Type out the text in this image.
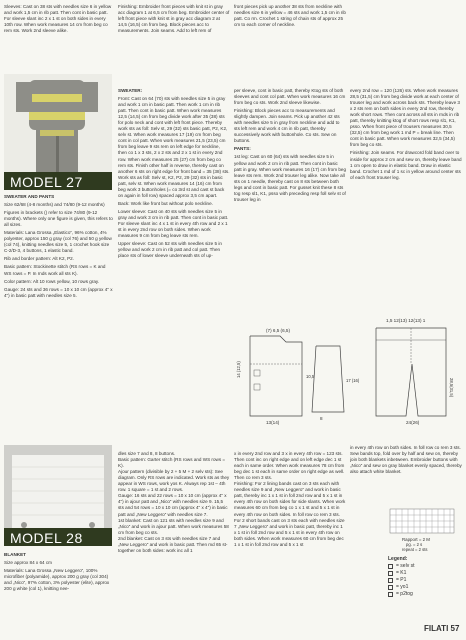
Sleeves: Cast on 38 sts with needles size 6 in yellow and work 1,5 cm in rib patt. Then cont in basic patt. For sleeve slant inc 2 x 1 st on both sides in every 10th row. When work measures 14 cm from beg co rem sts. Work 2nd sleeve alike.

Finishing: Embroider front pieces with knit st in gray acc diagram 1 at 6,5 cm from beg. Embroider center of left front piece with knit st in gray acc diagram 2 at 14,5 (16,5) cm from beg. Block pieces acc to measurements. Join seams. Add to left rem of

front pieces pick up another 38 sts from neckline with needles size 6 in yellow = 46 sts and work 1,5 cm in rib patt. Co rm. Crochet 1 string of chain sts of approx 25 cm to each corner of neckline.

MODEL 27

SWEATER AND PANTS

Size 62/68 (4-8 months) and 74/80 (9-12 months)

Figures in brackets () refer to size 74/80 (9-12 months). Where only one figure is given, this refers to all sizes.

Materials: Lana Grossa „Elastico“, 96% cotton, 4% polyester, approx 150 g gray (col 76) and 50 g yellow (col 74), knitting needles size 5, 1 crochet hook size C-2/D-3, 4 buttons, 1 elastic band.

Rib and border pattern: Alt K2, P2.

Basic pattern: Stockinette stitch (RS rows = K and WS rows = P. In rnds work all sts K).

Color pattern: Alt 10 rows yellow, 10 rows gray.

Gauge: 24 sts and 36 rows = 10 x 10 cm (approx 4" x 4") in basic patt with needles size 5.

SWEATER:

Front: Cast on 64 (70) sts with needles size 5 in gray and work 1 cm in basic patt. Then work 1 cm in rib patt. Then cont in basic patt. When work measures 12,5 (14,5) cm from beg divide work after 35 (38) sts for polo neck and cont with left front piece. Thereby work sts as foll: Selv st, 29 (32) sts basic patt, P2, K2, selv st. When work measures 17 (19) cm from beg cont in col patt. When work measures 21,5 (23,5) cm from beg leave 9 sts rem on left edge for neckline, then co 1 x 3 sts, 2 x 2 sts and 2 x 1 st in every 2nd row. When work measures 25 (27) cm from beg co rem sts. Finish other half in reverse, thereby cast on another 6 sts on right edge for front band = 35 (38) sts. Work sts as foll: Selv st, K2, P2, 29 (32) sts in basic patt, selv st. When work measures 14 (16) cm from beg work 3 buttonholes (= co 3rd st and cast st back on again in foll row) spaced approx 3,5 cm apart.

Back: Work like front but without polo neckline.

Lower sleeve: Cast on 40 sts with needles size 5 in gray and work 3 cm in rib patt. Then cont in basic patt. For sleeve slant inc 4 x 1 st in every 4th row and 2 x 1 st in every 2nd row on both sides. When work measures 9 cm from beg leave sts rem.

Upper sleeve: Cast on 52 sts with needles size 5 in yellow and work 2 cm in rib patt and col patt. Then place sts of lower sleeve underneath sts of up-

per sleeve, cont in basic patt, thereby Ktog sts of both sleeves and cont col patt. When work measures 16 cm from beg co sts. Work 2nd sleeve likewise.

Finishing: Block pieces acc to measurements and slightly dampen. Join seams. Pick up another 42 sts with needles size 5 in gray from neckline and add to sts left rem and work 4 cm in rib patt, thereby successively work with buttonhole. Co sts. Sew on buttons.

PANTS:

1st leg: Cast on 60 (64) sts with needles size 5 in yellow and work 2 cm in rib patt. Then cont in basic patt in gray. When work measures 16 (17) cm from beg leave sts rem. Work 2nd trouser leg alike. Now take all sts on 1 needle, thereby cast on 8 sts between both legs and cont in basic patt. For gusset knit these 8 sts tog resp sl1, K1, psso with preceding resp foll selv st of trouser leg in

every 2nd row = 120 (126) sts. When work measures 28,5 (31,5) cm from beg divide work at each center of trouser leg and work across back sts. Thereby leave 3 x 2 sts rem on both sides in every 2nd row, thereby work short rows. Then cont across all sts in rnds in rib patt, thereby knitting ktog of short rows resp sl1, K1, psso. When front piece of trousers measures 30,5 (32,5) cm from beg work 1 md P = break line. Then cont in basic patt. When work measures 32,5 (34,5) from beg co sts.

Finishing: Join seams. For drawcord fold band over to inside for approx 2 cm and sew on, thereby leave band 1 cm open to draw in elastic band. Draw in elastic band. Crochet 1 md of 1 sc in yellow around center sts of each front trouser leg.

(7) 6,5 (6,5)
13(14)
14 (12,5)	10,5
8
17 (16)
1,5 12(13) 12(13) 1
24(26)
28,5(31,5)
MODEL 28

BLANKET

Size approx 84 x 64 cm

Materials: Lana Grossa „New Leggero“, 100% microfiber (polyamide), approx 200 g gray (col 304) and „Nico“, 97% cotton, 3% polyester (elite), approx 200 g white (col 1), knitting nee-

dles size 7 and 8, 8 buttons.
Basic pattern: Garter stitch (RS rows and WS rows = K).
Ajour pattern (divisible by 2 + 5 M + 2 selv sts): See diagram. Only RS rows are indicated. Work sts as they appear in WS rows, work yos K. Always rep 1st – 4th row. 1 square = 1 st and 2 rows.
Gauge: 16 sts and 22 rows = 10 x 10 cm (approx 4" x 4") in ajour patt and „Nico“ with needles size 9. 15,5 sts and 54 rows = 10 x 10 cm (approx 4" x 4") in basic patt and „New Leggero“ with needles size 7.
1st blanket: Cast on 121 sts with needles size 9 and „Nico“ and work in ajour patt. When work measures 58 cm from beg co sts.
2nd blanket: Cast on 3 sts with needles size 7 and „New Leggero“ and work in basic patt. Then md 65 st-together on both sides: work inc all 1

x in every 2nd row and 3 x in every 4th row = 123 sts. Then cont inc on right edge and on left edge dec 1 st each in same order. When work measures 78 cm from beg dec 1 st each in same order on right edge as well. Then co rem 3 sts.
Finishing: For 2 lining bands cast on 3 sts each with needles size 9 and „New Leggero“ and work in basic patt, thereby inc 1 x 1 st in foll 2nd row and 5 x 1 st in every 4th row on both sides for side slants. When work measures 60 cm from beg co 1 x 1 st and 5 x 1 st in every 4th row on both sides. In foll row co rem 3 sts. For 2 short bands cast on 3 sts each with needles size 7 „New Leggero“ and work in basic patt, thereby inc 1 x 1 st in foll 2nd row and 5 x 1 st in every 4th row on both sides. When work measures 60 cm from beg dec 1 x 1 st in foll 2nd row and 5 x 1 st

in every 4th row on both sides. In foll row co rem 3 sts. Sew bands top, fold over by half and sew on, thereby join both blankets inbetween. Embroider buttons with „Nico“ and sew on gray blanket evenly spaced, thereby also attach white blanket.

Rapport = 2 M
pg. = 2 s
repeat = 2 sts
Legend:
= selv st
= K1
= P1
= yo1
= p2tog
FILATI 57
